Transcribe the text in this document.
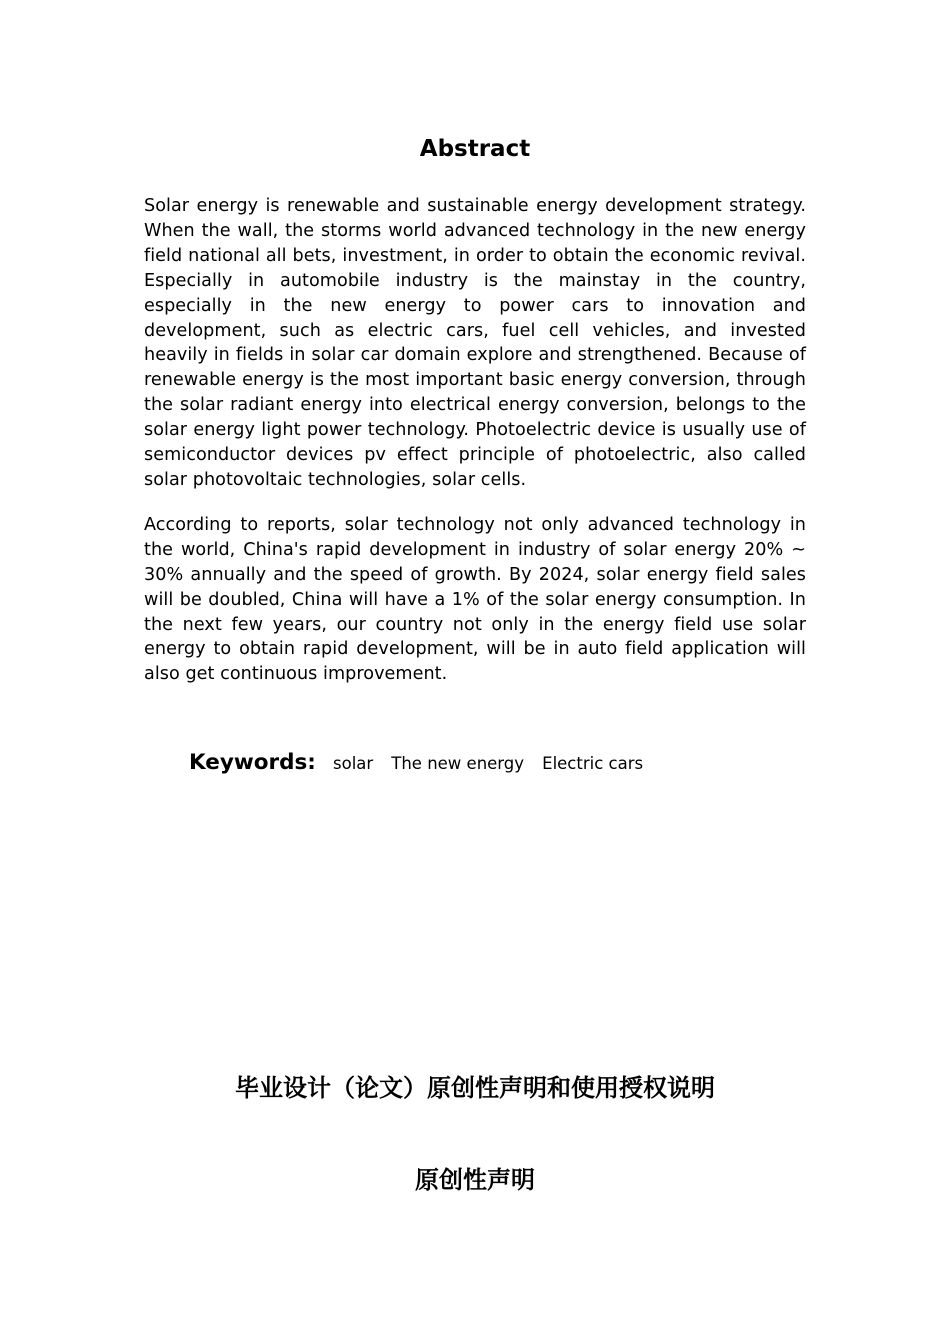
Abstract

Solar energy is renewable and sustainable energy development strategy. When the wall, the storms world advanced technology in the new energy field national all bets, investment, in order to obtain the economic revival. Especially in automobile industry is the mainstay in the country, especially in the new energy to power cars to innovation and development, such as electric cars, fuel cell vehicles, and invested heavily in fields in solar car domain explore and strengthened. Because of renewable energy is the most important basic energy conversion, through the solar radiant energy into electrical energy conversion, belongs to the solar energy light power technology. Photoelectric device is usually use of semiconductor devices pv effect principle of photoelectric, also called solar photovoltaic technologies, solar cells.

According to reports, solar technology not only advanced technology in the world, China's rapid development in industry of solar energy 20% ~ 30% annually and the speed of growth. By 2024, solar energy field sales will be doubled, China will have a 1% of the solar energy consumption. In the next few years, our country not only in the energy field use solar energy to obtain rapid development, will be in auto field application will also get continuous improvement.

Keywords: solar The new energy Electric cars
毕业设计（论文）原创性声明和使用授权说明
原创性声明
